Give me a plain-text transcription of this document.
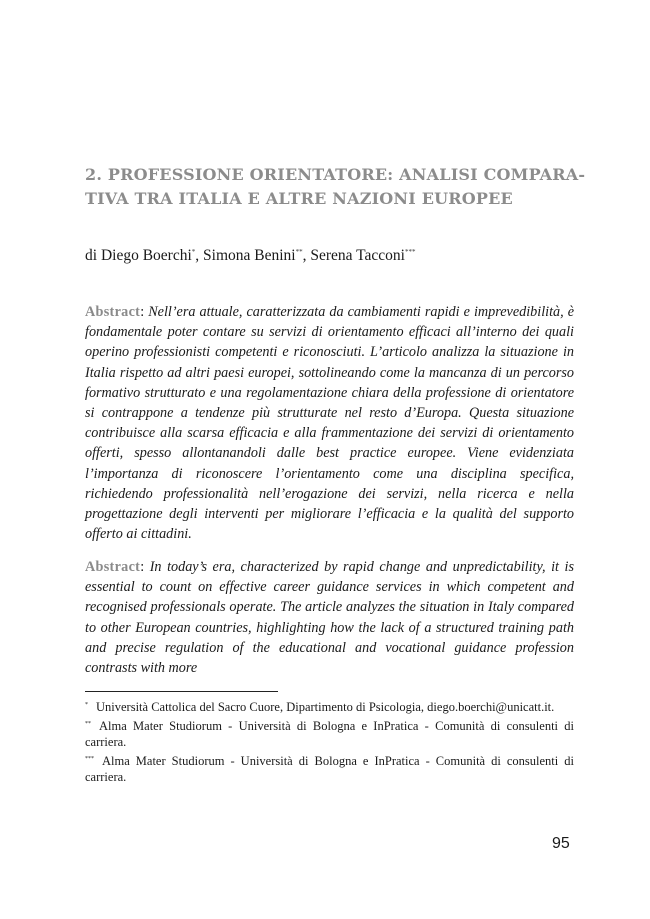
2. PROFESSIONE ORIENTATORE: ANALISI COMPARA-
TIVA TRA ITALIA E ALTRE NAZIONI EUROPEE
di Diego Boerchi*, Simona Benini**, Serena Tacconi***

Abstract: Nell’era attuale, caratterizzata da cambiamenti rapidi e imprevedibilità, è fondamentale poter contare su servizi di orientamento efficaci all’interno dei quali operino professionisti competenti e riconosciuti. L’articolo analizza la situazione in Italia rispetto ad altri paesi europei, sottolineando come la mancanza di un percorso formativo strutturato e una regolamentazione chiara della professione di orientatore si contrappone a tendenze più strutturate nel resto d’Europa. Questa situazione contribuisce alla scarsa efficacia e alla frammentazione dei servizi di orientamento offerti, spesso allontanandoli dalle best practice europee. Viene evidenziata l’importanza di riconoscere l’orientamento come una disciplina specifica, richiedendo professionalità nell’erogazione dei servizi, nella ricerca e nella progettazione degli interventi per migliorare l’efficacia e la qualità del supporto offerto ai cittadini.

Abstract: In today’s era, characterized by rapid change and unpredictability, it is essential to count on effective career guidance services in which competent and recognised professionals operate. The article analyzes the situation in Italy compared to other European countries, highlighting how the lack of a structured training path and precise regulation of the educational and vocational guidance profession contrasts with more

* Università Cattolica del Sacro Cuore, Dipartimento di Psicologia, diego.boerchi@unicatt.it.

** Alma Mater Studiorum - Università di Bologna e InPratica - Comunità di consulenti di carriera.

*** Alma Mater Studiorum - Università di Bologna e InPratica - Comunità di consulenti di carriera.

95
